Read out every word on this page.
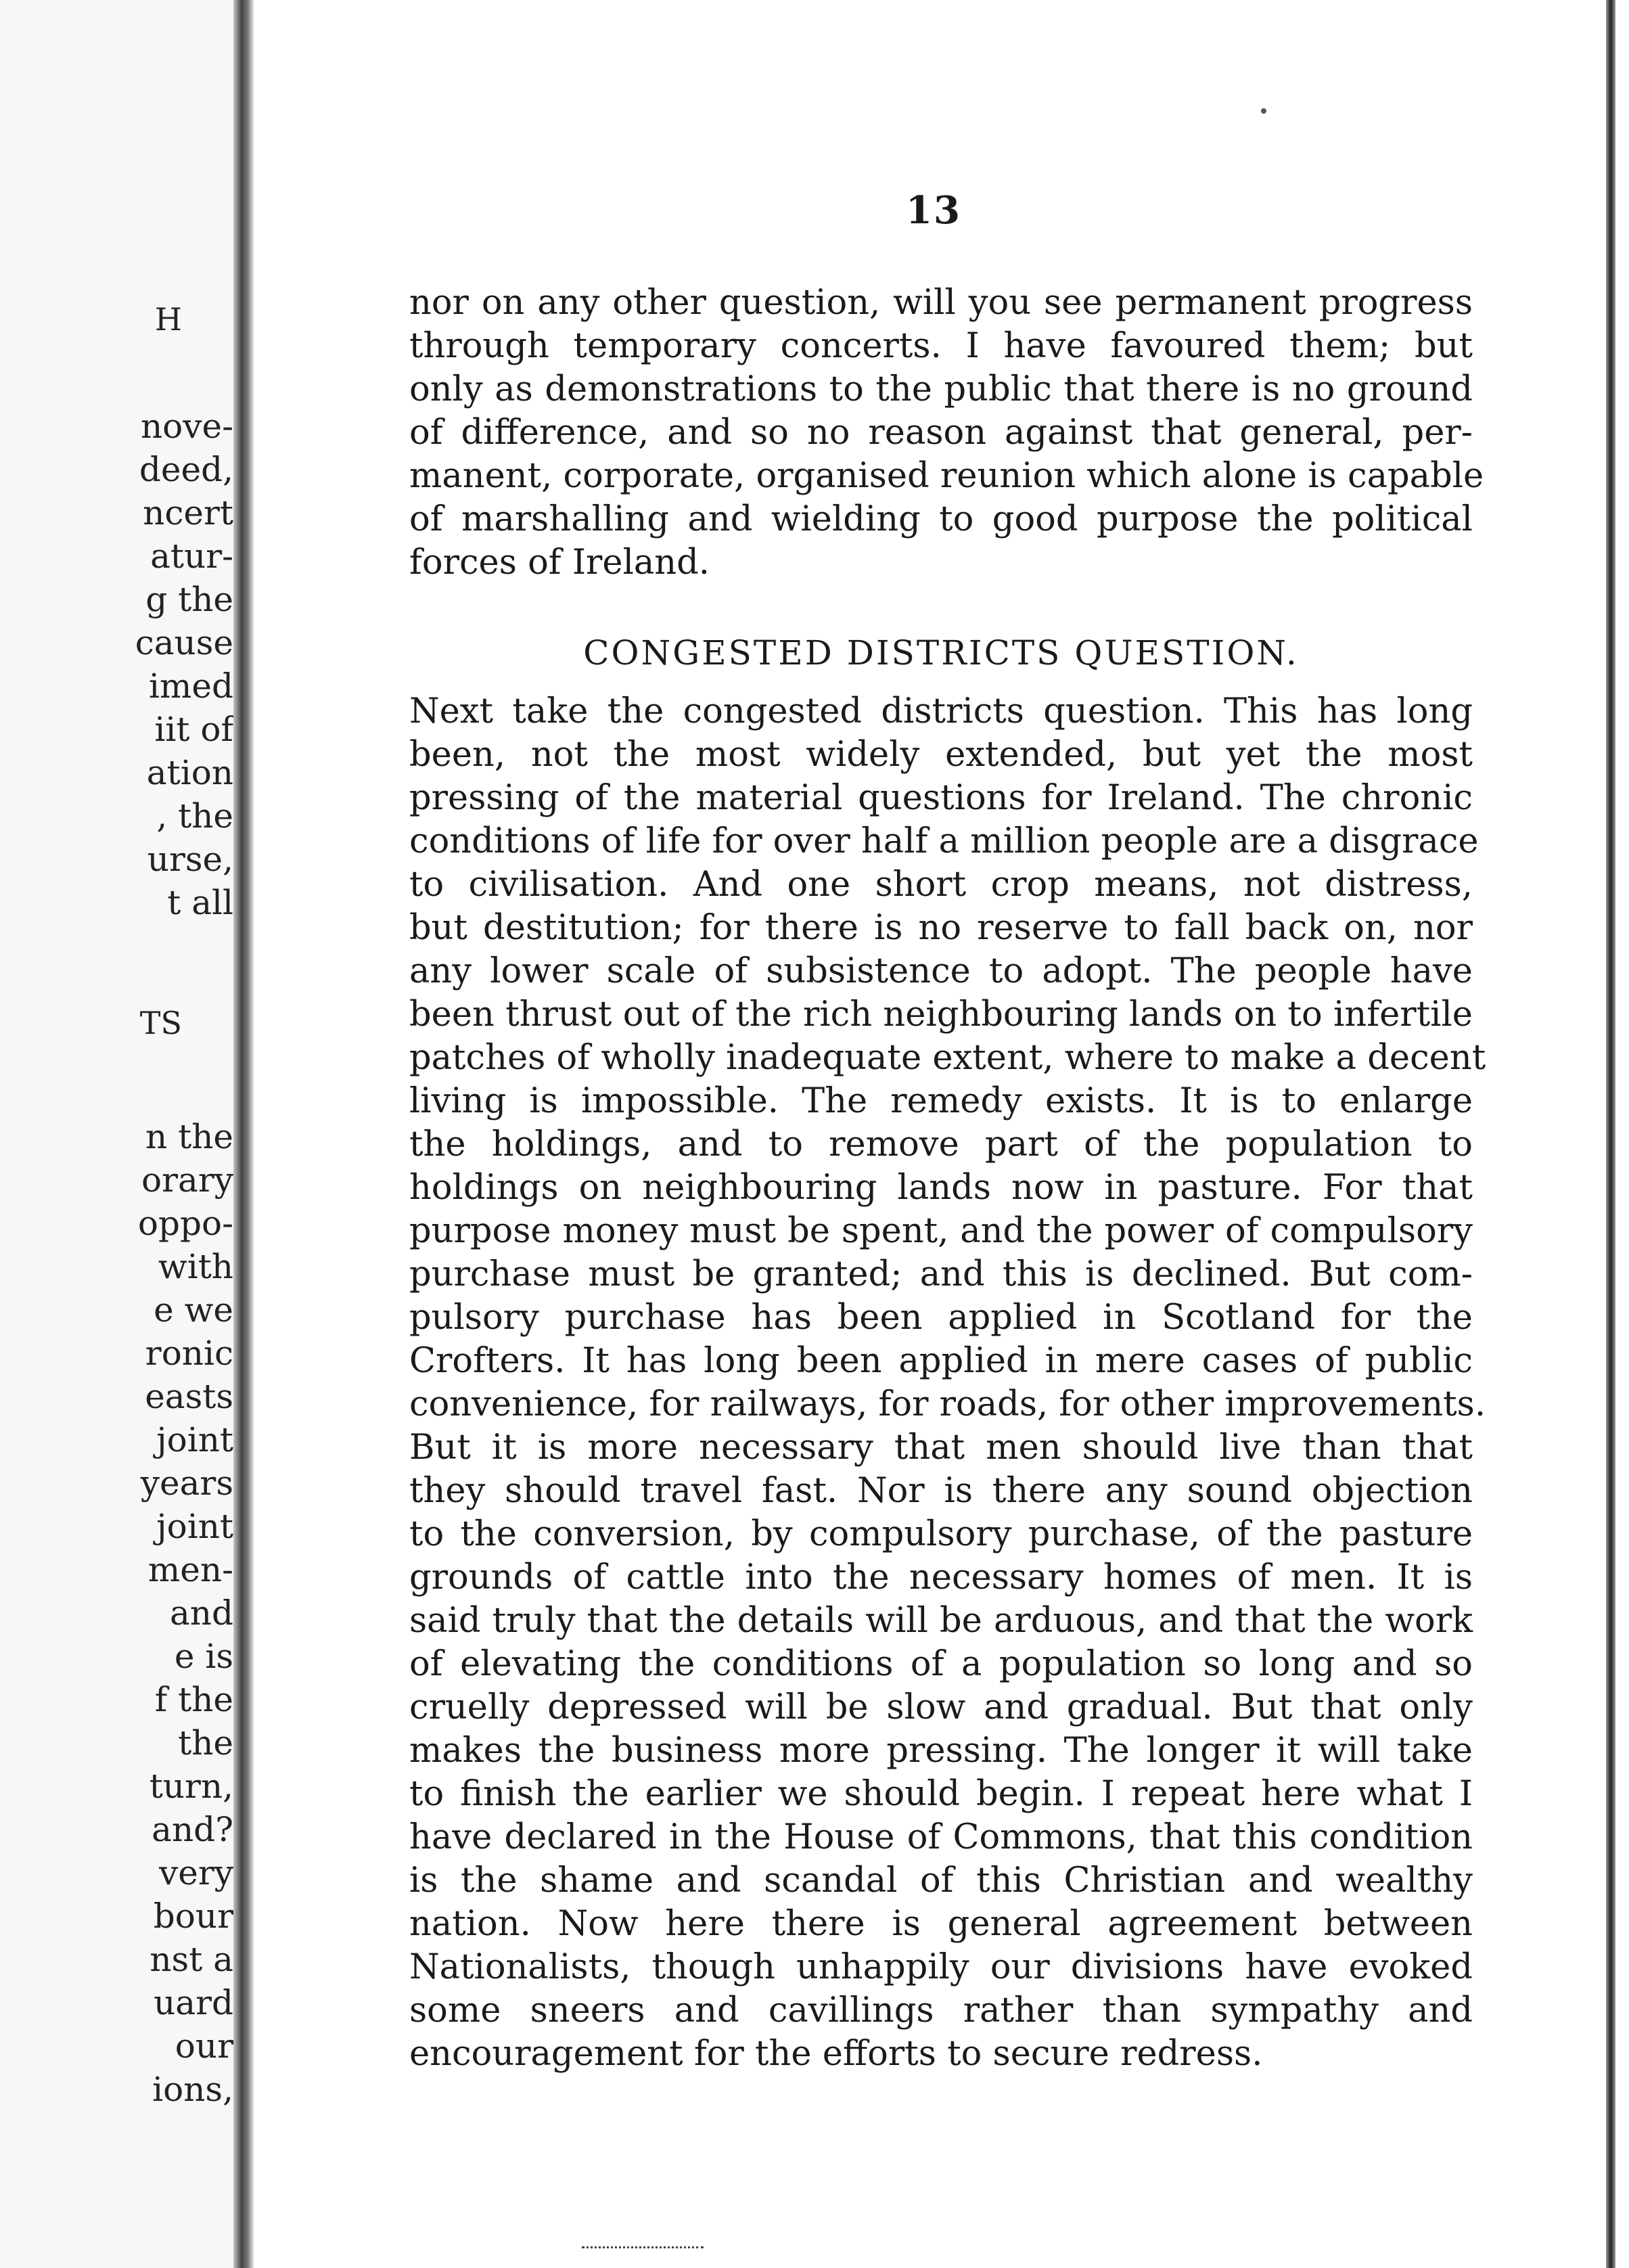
H
nove-
deed,
ncert
atur-
g the
cause
imed
iit of
ation
, the
urse,
t all
TS
n the
orary
oppo-
with
e we
ronic
easts
joint
years
joint
men-
and
e is
f the
the
turn,
and?
very
bour
nst a
uard
our
ions,
13
nor on any other question, will you see permanent progress
through temporary concerts. I have favoured them; but
only as demonstrations to the public that there is no ground
of difference, and so no reason against that general, per-
manent, corporate, organised reunion which alone is capable
of marshalling and wielding to good purpose the political
forces of Ireland.
CONGESTED DISTRICTS QUESTION.
Next take the congested districts question. This has long
been, not the most widely extended, but yet the most
pressing of the material questions for Ireland. The chronic
conditions of life for over half a million people are a disgrace
to civilisation. And one short crop means, not distress,
but destitution; for there is no reserve to fall back on, nor
any lower scale of subsistence to adopt. The people have
been thrust out of the rich neighbouring lands on to infertile
patches of wholly inadequate extent, where to make a decent
living is impossible. The remedy exists. It is to enlarge
the holdings, and to remove part of the population to
holdings on neighbouring lands now in pasture. For that
purpose money must be spent, and the power of compulsory
purchase must be granted; and this is declined. But com-
pulsory purchase has been applied in Scotland for the
Crofters. It has long been applied in mere cases of public
convenience, for railways, for roads, for other improvements.
But it is more necessary that men should live than that
they should travel fast. Nor is there any sound objection
to the conversion, by compulsory purchase, of the pasture
grounds of cattle into the necessary homes of men. It is
said truly that the details will be arduous, and that the work
of elevating the conditions of a population so long and so
cruelly depressed will be slow and gradual. But that only
makes the business more pressing. The longer it will take
to finish the earlier we should begin. I repeat here what I
have declared in the House of Commons, that this condition
is the shame and scandal of this Christian and wealthy
nation. Now here there is general agreement between
Nationalists, though unhappily our divisions have evoked
some sneers and cavillings rather than sympathy and
encouragement for the efforts to secure redress.
